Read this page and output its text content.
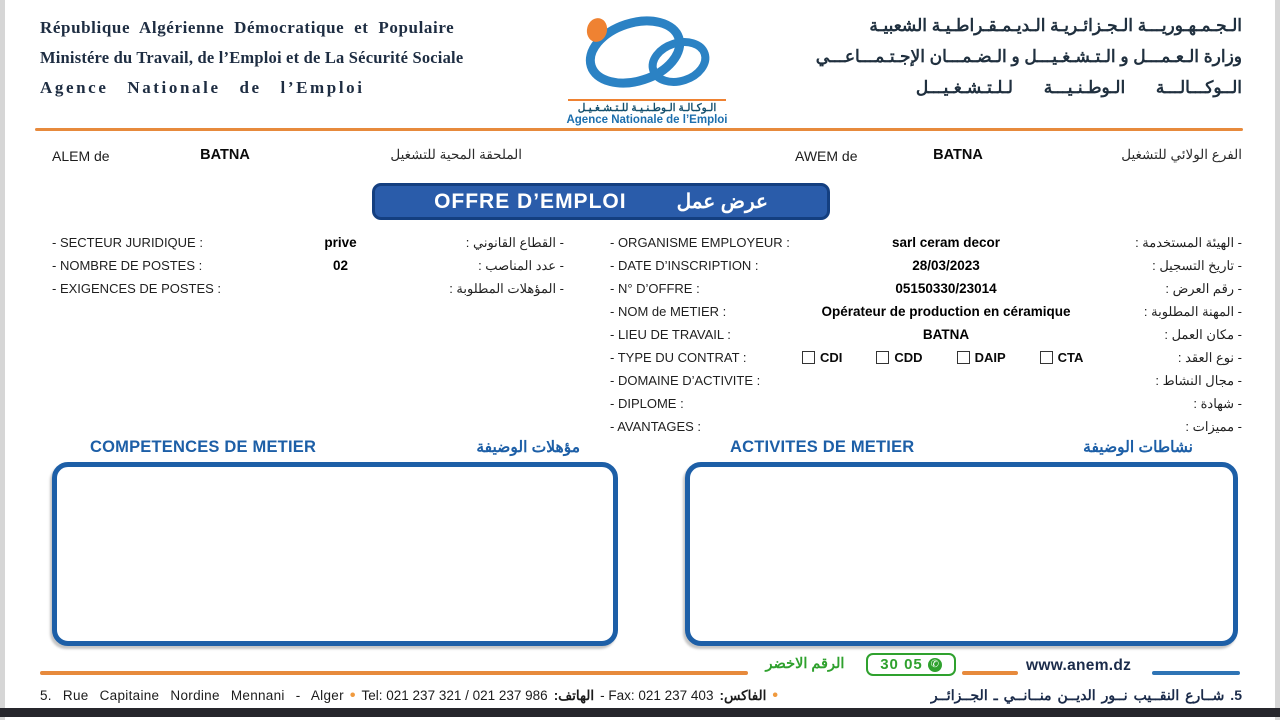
République Algérienne Démocratique et Populaire
Ministére du Travail, de l’Emploi et de La Sécurité Sociale
Agence Nationale de l’Emploi
الـوكـالـة الـوطـنـيـة للـتـشـغـيـل
Agence Nationale de l’Emploi
الـجـمـهـوريـــة الـجـزائـريـة الـديـمـقـراطـيـة الشعبيـة
وزارة الـعـمـــل و الـتـشـغـيـــل و الـضـمـــان الإجـتـمـــاعـــي
الــوكـــالـــة الـوطـنـيـــة لـلـتـشـغـيـــل
ALEM de	BATNA	الملحقة المحية للتشغيل	AWEM de	BATNA	الفرع الولائي للتشغيل
OFFRE D’EMPLOI	عرض عمل
- SECTEUR JURIDIQUE :	prive	- القطاع القانوني :
- NOMBRE DE POSTES :	02	- عدد المناصب :
- EXIGENCES DE POSTES :	- المؤهلات المطلوبة :
- ORGANISME EMPLOYEUR :	sarl ceram decor	- الهيئة المستخدمة :
- DATE D’INSCRIPTION :	28/03/2023	- تاريخ التسجيل :
- N° D’OFFRE :	05150330/23014	- رقم العرض :
- NOM de METIER :	Opérateur de production en céramique	- المهنة المطلوبة :
- LIEU DE TRAVAIL :	BATNA	- مكان العمل :
- TYPE DU CONTRAT :	CDI	CDD	DAIP	CTA	- نوع العقد :
- DOMAINE D’ACTIVITE :	- مجال النشاط :
- DIPLOME :	- شهادة :
- AVANTAGES :	- مميزات :
COMPETENCES DE METIER	مؤهلات الوضيفة	ACTIVITES DE METIER	نشاطات الوضيفة
الرقم الاخضر	30 05 ✆	www.anem.dz
5. Rue Capitaine Nordine Mennani - Alger • Tel: 021 237 321 / 021 237 986 الهاتف: - Fax: 021 237 403 الفاكس: •	5. شــارع النقــيب نــور الديــن منــانــي ـ الجــزائــر
